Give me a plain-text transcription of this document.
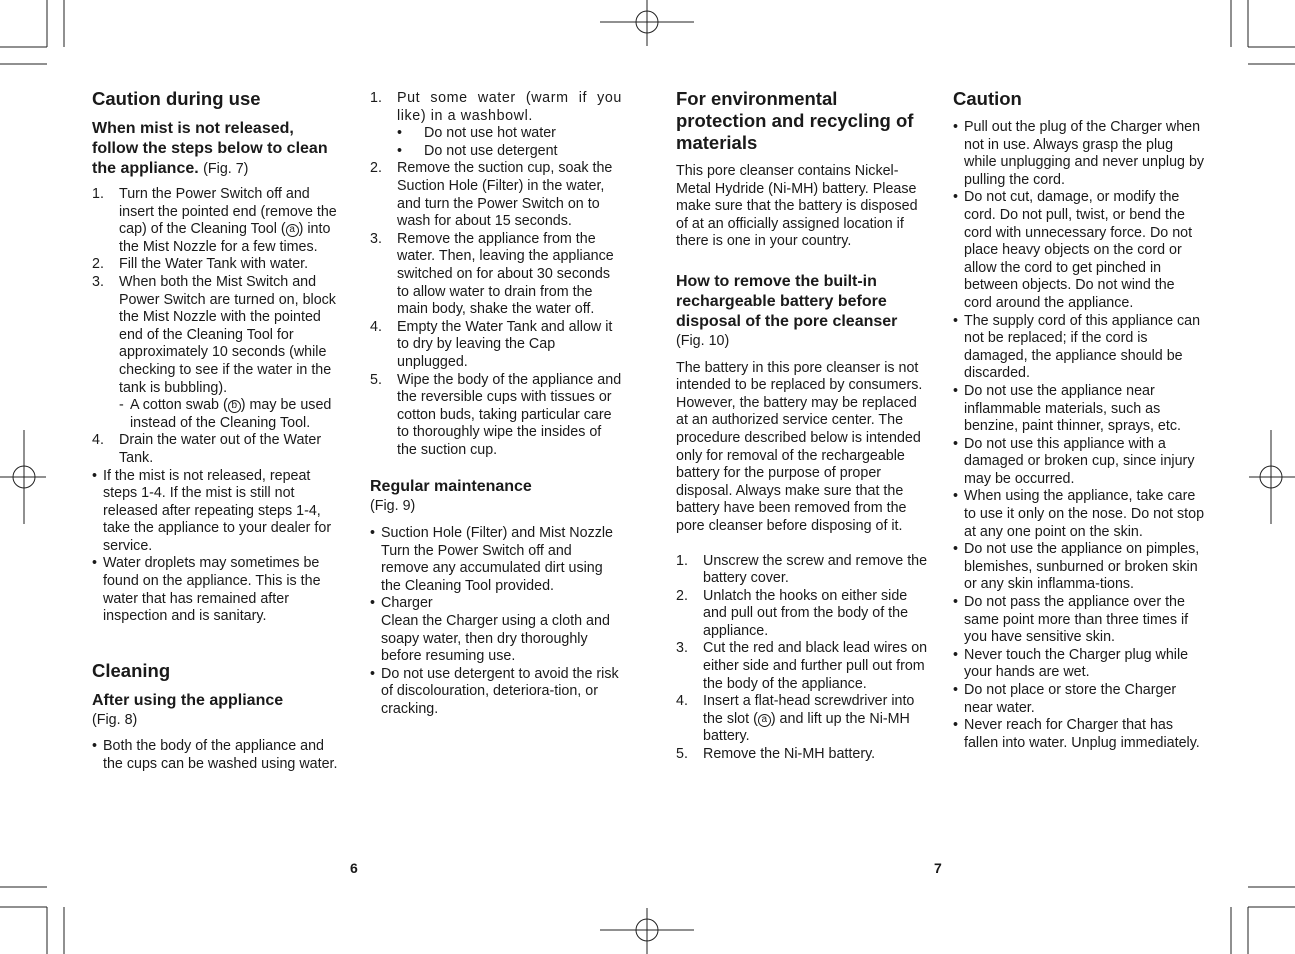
Caution during use
When mist is not released, follow the steps below to clean the appliance. (Fig. 7)
1. Turn the Power Switch off and insert the pointed end (remove the cap) of the Cleaning Tool ( a ) into the Mist Nozzle for a few times.
2. Fill the Water Tank with water.
3. When both the Mist Switch and Power Switch are turned on, block the Mist Nozzle with the pointed end of the Cleaning Tool for approximately 10 seconds (while checking to see if the water in the tank is bubbling).
- A cotton swab ( b ) may be used instead of the Cleaning Tool.
4. Drain the water out of the Water Tank.
• If the mist is not released, repeat steps 1-4. If the mist is still not released after repeating steps 1-4, take the appliance to your dealer for service.
• Water droplets may sometimes be found on the appliance. This is the water that has remained after inspection and is sanitary.
Cleaning
After using the appliance

(Fig. 8)

• Both the body of the appliance and the cups can be washed using water.
1. Put some water (warm if you like) in a washbowl.
• Do not use hot water
• Do not use detergent
2. Remove the suction cup, soak the Suction Hole (Filter) in the water, and turn the Power Switch on to wash for about 15 seconds.
3. Remove the appliance from the water. Then, leaving the appliance switched on for about 30 seconds to allow water to drain from the main body, shake the water off.
4. Empty the Water Tank and allow it to dry by leaving the Cap unplugged.
5. Wipe the body of the appliance and the reversible cups with tissues or cotton buds, taking particular care to thoroughly wipe the insides of the suction cup.
Regular maintenance

(Fig. 9)

• Suction Hole (Filter) and Mist Nozzle
Turn the Power Switch off and remove any accumulated dirt using the Cleaning Tool provided.
• Charger
Clean the Charger using a cloth and soapy water, then dry thoroughly before resuming use.
• Do not use detergent to avoid the risk of discolouration, deteriora-tion, or cracking.
For environmental protection and recycling of materials

This pore cleanser contains Nickel-Metal Hydride (Ni-MH) battery. Please make sure that the battery is disposed of at an officially assigned location if there is one in your country.

How to remove the built-in rechargeable battery before disposal of the pore cleanser

(Fig. 10)

The battery in this pore cleanser is not intended to be replaced by consumers. However, the battery may be replaced at an authorized service center. The procedure described below is intended only for removal of the rechargeable battery for the purpose of proper disposal. Always make sure that the battery have been removed from the pore cleanser before disposing of it.

1. Unscrew the screw and remove the battery cover.
2. Unlatch the hooks on either side and pull out from the body of the appliance.
3. Cut the red and black lead wires on either side and further pull out from the body of the appliance.
4. Insert a flat-head screwdriver into the slot ( a ) and lift up the Ni-MH battery.
5. Remove the Ni-MH battery.
Caution
• Pull out the plug of the Charger when not in use. Always grasp the plug while unplugging and never unplug by pulling the cord.
• Do not cut, damage, or modify the cord. Do not pull, twist, or bend the cord with unnecessary force. Do not place heavy objects on the cord or allow the cord to get pinched in between objects. Do not wind the cord around the appliance.
• The supply cord of this appliance can not be replaced; if the cord is damaged, the appliance should be discarded.
• Do not use the appliance near inflammable materials, such as benzine, paint thinner, sprays, etc.
• Do not use this appliance with a damaged or broken cup, since injury may be occurred.
• When using the appliance, take care to use it only on the nose. Do not stop at any one point on the skin.
• Do not use the appliance on pimples, blemishes, sunburned or broken skin or any skin inflamma-tions.
• Do not pass the appliance over the same point more than three times if you have sensitive skin.
• Never touch the Charger plug while your hands are wet.
• Do not place or store the Charger near water.
• Never reach for Charger that has fallen into water. Unplug immediately.
6	7
